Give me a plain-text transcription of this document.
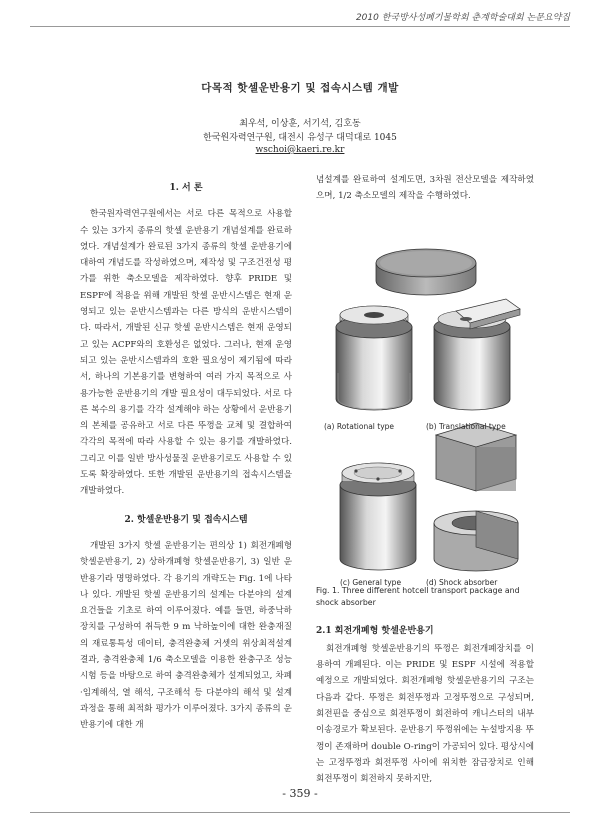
2010 한국방사성폐기물학회 춘계학술대회 논문요약집
다목적 핫셀운반용기 및 접속시스템 개발
최우석, 이상훈, 서기석, 김호동
한국원자력연구원, 대전시 유성구 대덕대로 1045
wschoi@kaeri.re.kr
1. 서 론

한국원자력연구원에서는 서로 다른 목적으로 사용할 수 있는 3가지 종류의 핫셀 운반용기 개념설계를 완료하였다. 개념설계가 완료된 3가지 종류의 핫셀 운반용기에 대하여 개념도를 작성하였으며, 제작성 및 구조건전성 평가를 위한 축소모델을 제작하였다. 향후 PRIDE 및 ESPF에 적용을 위해 개발된 핫셀 운반시스템은 현재 운영되고 있는 운반시스템과는 다른 방식의 운반시스템이다. 따라서, 개발된 신규 핫셀 운반시스템은 현재 운영되고 있는 ACPF와의 호환성은 없었다. 그러나, 현재 운영되고 있는 운반시스템과의 호환 필요성이 제기됨에 따라서, 하나의 기본용기를 변형하여 여러 가지 목적으로 사용가능한 운반용기의 개발 필요성이 대두되었다. 서로 다른 복수의 용기를 각각 설계해야 하는 상황에서 운반용기의 본체를 공유하고 서로 다른 뚜껑을 교체 및 결합하여 각각의 목적에 따라 사용할 수 있는 용기를 개발하였다. 그리고 이를 일반 방사성물질 운반용기로도 사용할 수 있도록 확장하였다. 또한 개발된 운반용기의 접속시스템을 개발하였다.

2. 핫셀운반용기 및 접속시스템

개발된 3가지 핫셀 운반용기는 편의상 1) 회전개폐형 핫셀운반용기, 2) 상하개폐형 핫셀운반용기, 3) 일반 운반용기라 명명하였다. 각 용기의 개략도는 Fig. 1에 나타나 있다. 개발된 핫셀 운반용기의 설계는 다분야의 설계요건들을 기초로 하여 이루어졌다. 예를 들면, 하중낙하장치를 구성하여 취득한 9 m 낙하높이에 대한 완충재질의 재료통특성 데이터, 충격완충체 거셋의 위상최적설계 결과, 충격완충체 1/6 축소모델을 이용한 완충구조 성능시험 등을 바탕으로 하여 충격완충체가 설계되었고, 차폐·임계해석, 열 해석, 구조해석 등 다분야의 해석 및 설계과정을 통해 최적화 평가가 이루어졌다. 3가지 종류의 운반용기에 대한 개

념설계를 완료하여 설계도면, 3차원 전산모델을 제작하였으며, 1/2 축소모델의 제작을 수행하였다.

(a) Rotational type	(b) Translational type
(c) General type	(d) Shock absorber
Fig. 1. Three different hotcell transport package and shock absorber
2.1 회전개폐형 핫셀운반용기

회전개폐형 핫셀운반용기의 뚜껑은 회전개폐장치를 이용하여 개폐된다. 이는 PRIDE 및 ESPF 시설에 적용할 예정으로 개발되었다. 회전개폐형 핫셀운반용기의 구조는 다음과 같다. 뚜껑은 회전뚜껑과 고정뚜껑으로 구성되며, 회전핀을 중심으로 회전뚜껑이 회전하여 캐니스터의 내부이송경로가 확보된다. 운반용기 뚜껑위에는 누설방지용 뚜껑이 존재하며 double O-ring이 가공되어 있다. 평상시에는 고정뚜껑과 회전뚜껑 사이에 위치한 잠금장치로 인해 회전뚜껑이 회전하지 못하지만,

- 359 -
